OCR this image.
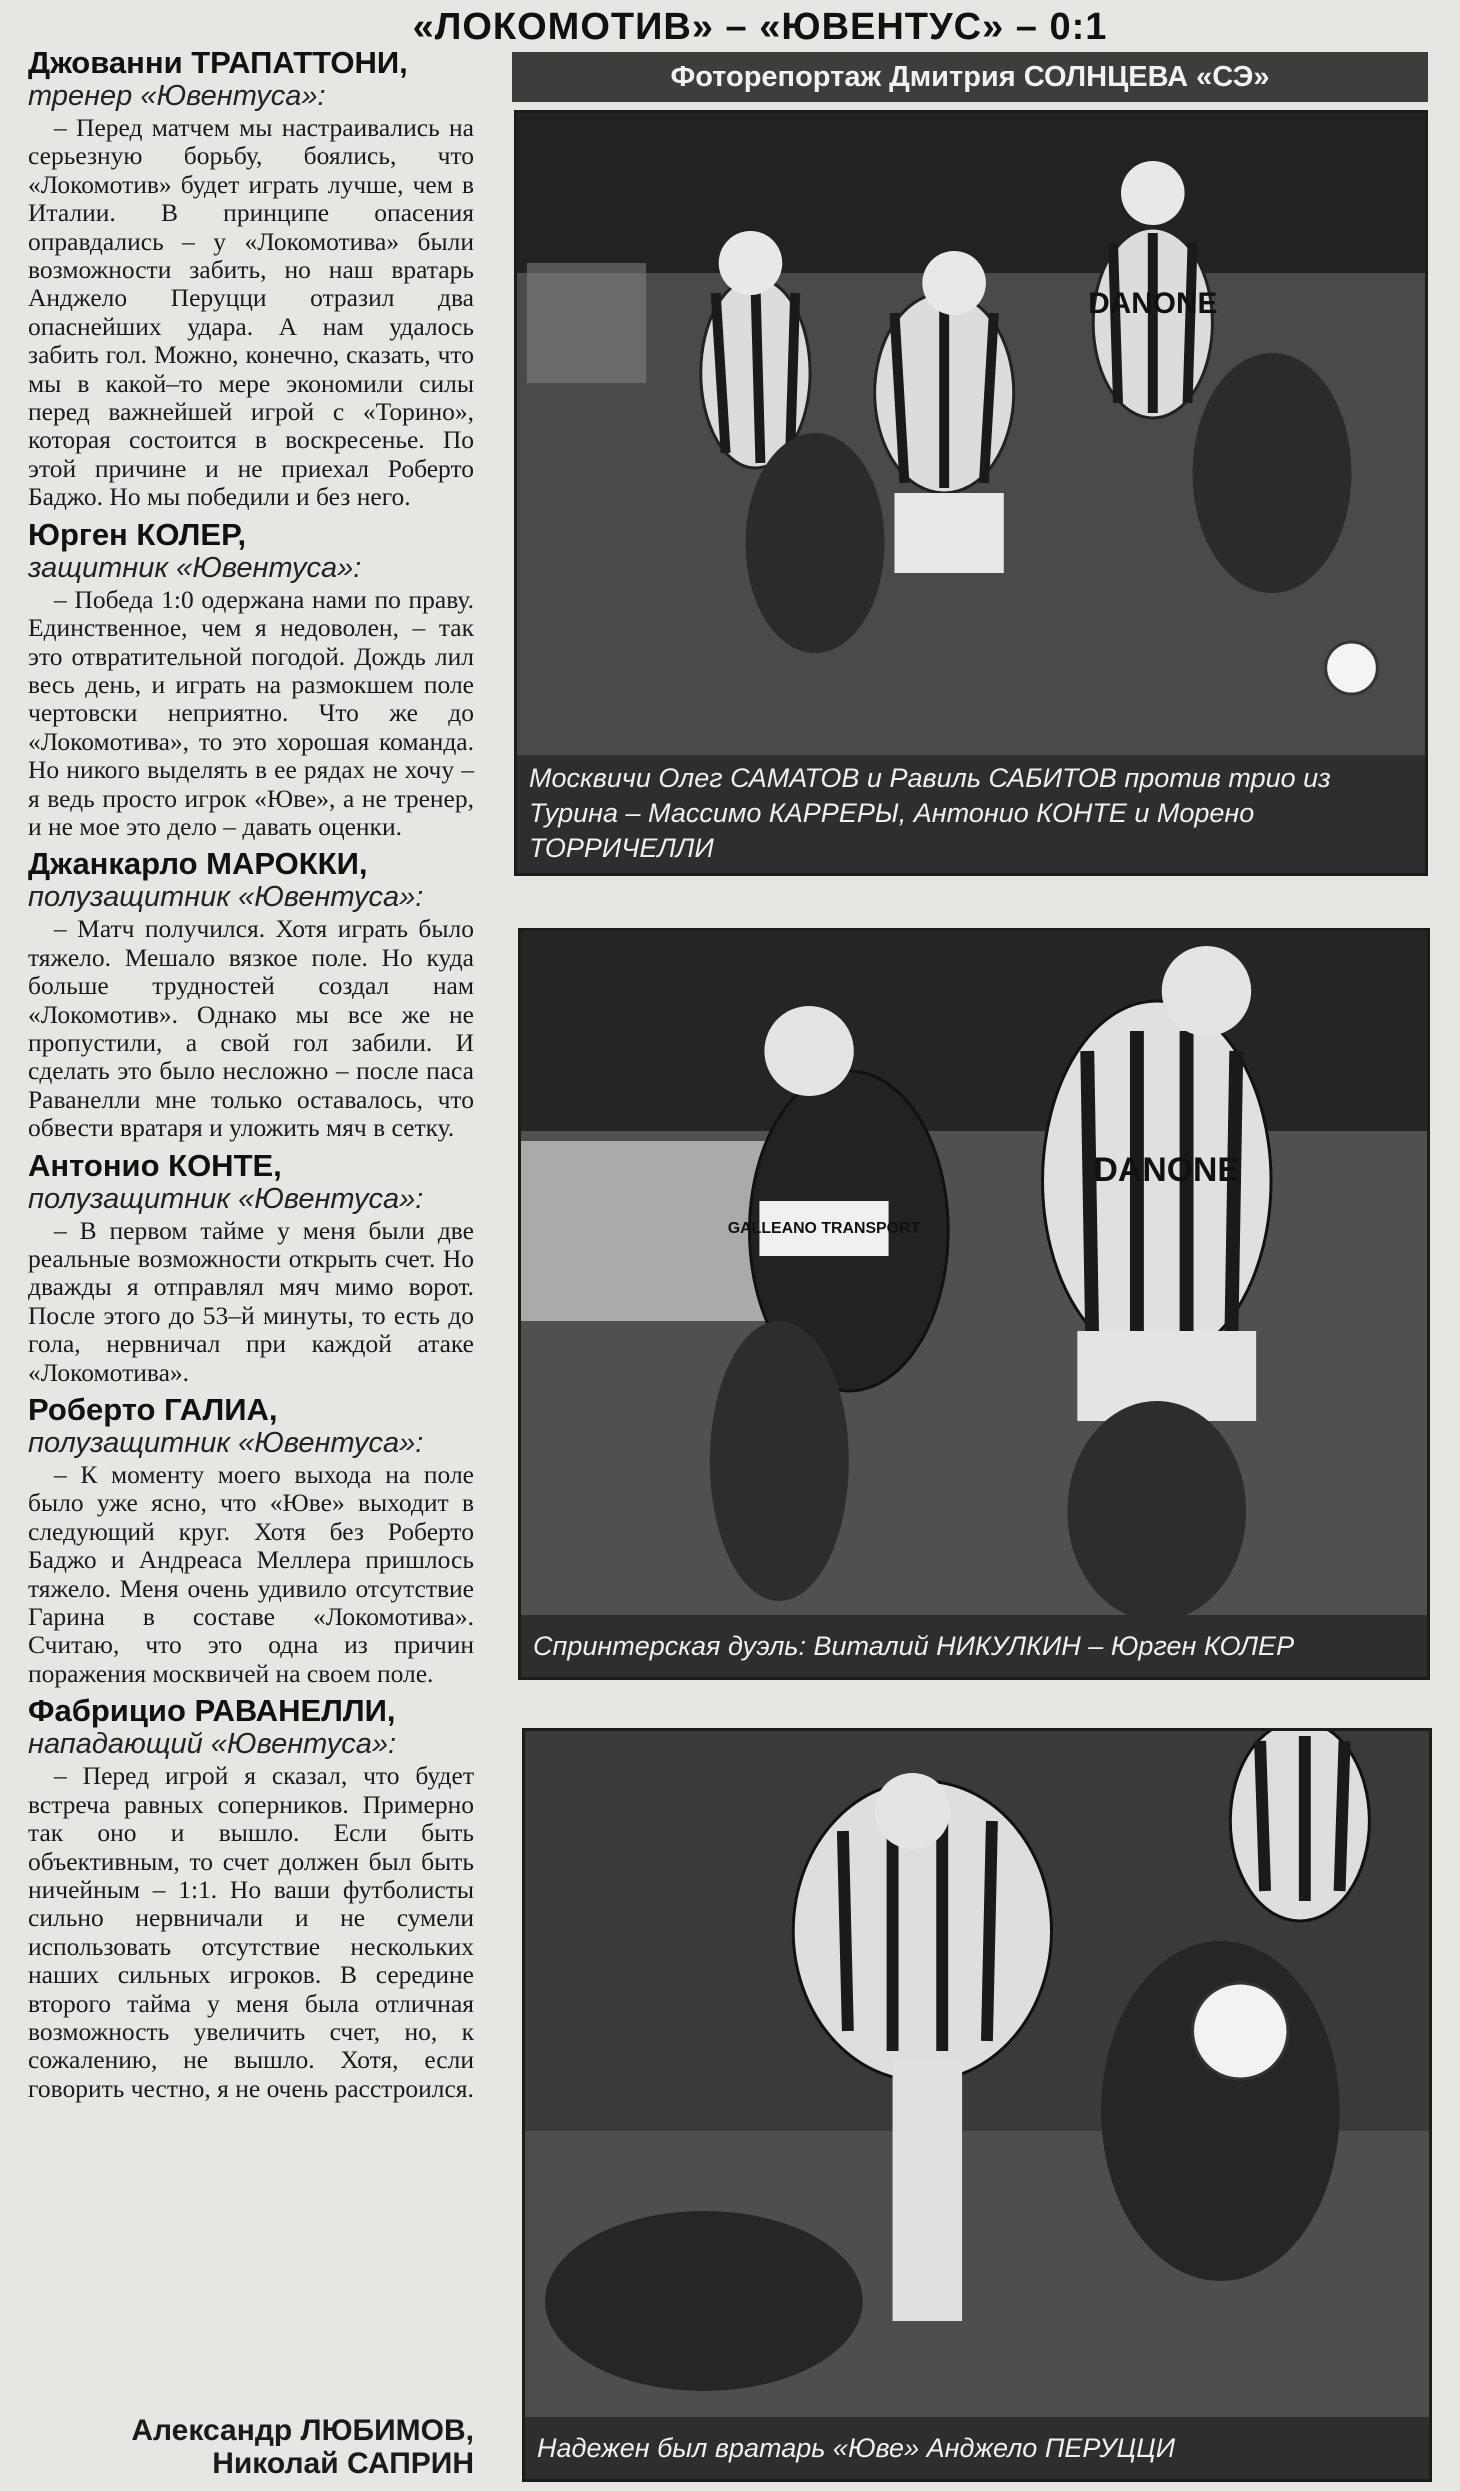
«ЛОКОМОТИВ» – «ЮВЕНТУС» – 0:1

Джованни ТРАПАТТОНИ,

тренер «Ювентуса»:

– Перед матчем мы настраивались на серьезную борьбу, боялись, что «Локомотив» будет играть лучше, чем в Италии. В принципе опасения оправдались – у «Локомотива» были возможности забить, но наш вратарь Анджело Перуцци отразил два опаснейших удара. А нам удалось забить гол. Можно, конечно, сказать, что мы в какой–то мере экономили силы перед важнейшей игрой с «Торино», которая состоится в воскресенье. По этой причине и не приехал Роберто Баджо. Но мы победили и без него.

Юрген КОЛЕР,

защитник «Ювентуса»:

– Победа 1:0 одержана нами по праву. Единственное, чем я недоволен, – так это отвратительной погодой. Дождь лил весь день, и играть на размокшем поле чертовски неприятно. Что же до «Локомотива», то это хорошая команда. Но никого выделять в ее рядах не хочу – я ведь просто игрок «Юве», а не тренер, и не мое это дело – давать оценки.

Джанкарло МАРОККИ,

полузащитник «Ювентуса»:

– Матч получился. Хотя играть было тяжело. Мешало вязкое поле. Но куда больше трудностей создал нам «Локомотив». Однако мы все же не пропустили, а свой гол забили. И сделать это было несложно – после паса Раванелли мне только оставалось, что обвести вратаря и уложить мяч в сетку.

Антонио КОНТЕ,

полузащитник «Ювентуса»:

– В первом тайме у меня были две реальные возможности открыть счет. Но дважды я отправлял мяч мимо ворот. После этого до 53–й минуты, то есть до гола, нервничал при каждой атаке «Локомотива».

Роберто ГАЛИА,

полузащитник «Ювентуса»:

– К моменту моего выхода на поле было уже ясно, что «Юве» выходит в следующий круг. Хотя без Роберто Баджо и Андреаса Меллера пришлось тяжело. Меня очень удивило отсутствие Гарина в составе «Локомотива». Считаю, что это одна из причин поражения москвичей на своем поле.

Фабрицио РАВАНЕЛЛИ,

нападающий «Ювентуса»:

– Перед игрой я сказал, что будет встреча равных соперников. Примерно так оно и вышло. Если быть объективным, то счет должен был быть ничейным – 1:1. Но ваши футболисты сильно нервничали и не сумели использовать отсутствие нескольких наших сильных игроков. В середине второго тайма у меня была отличная возможность увеличить счет, но, к сожалению, не вышло. Хотя, если говорить честно, я не очень расстроился.

Александр ЛЮБИМОВ,
Николай САПРИН
Фоторепортаж Дмитрия СОЛНЦЕВА «СЭ»
DANONE
Москвичи Олег САМАТОВ и Равиль САБИТОВ против трио из Турина – Массимо КАРРЕРЫ, Антонио КОНТЕ и Морено ТОРРИЧЕЛЛИ
GALLEANO TRANSPORT
DANONE
Спринтерская дуэль: Виталий НИКУЛКИН – Юрген КОЛЕР
Надежен был вратарь «Юве» Анджело ПЕРУЦЦИ
